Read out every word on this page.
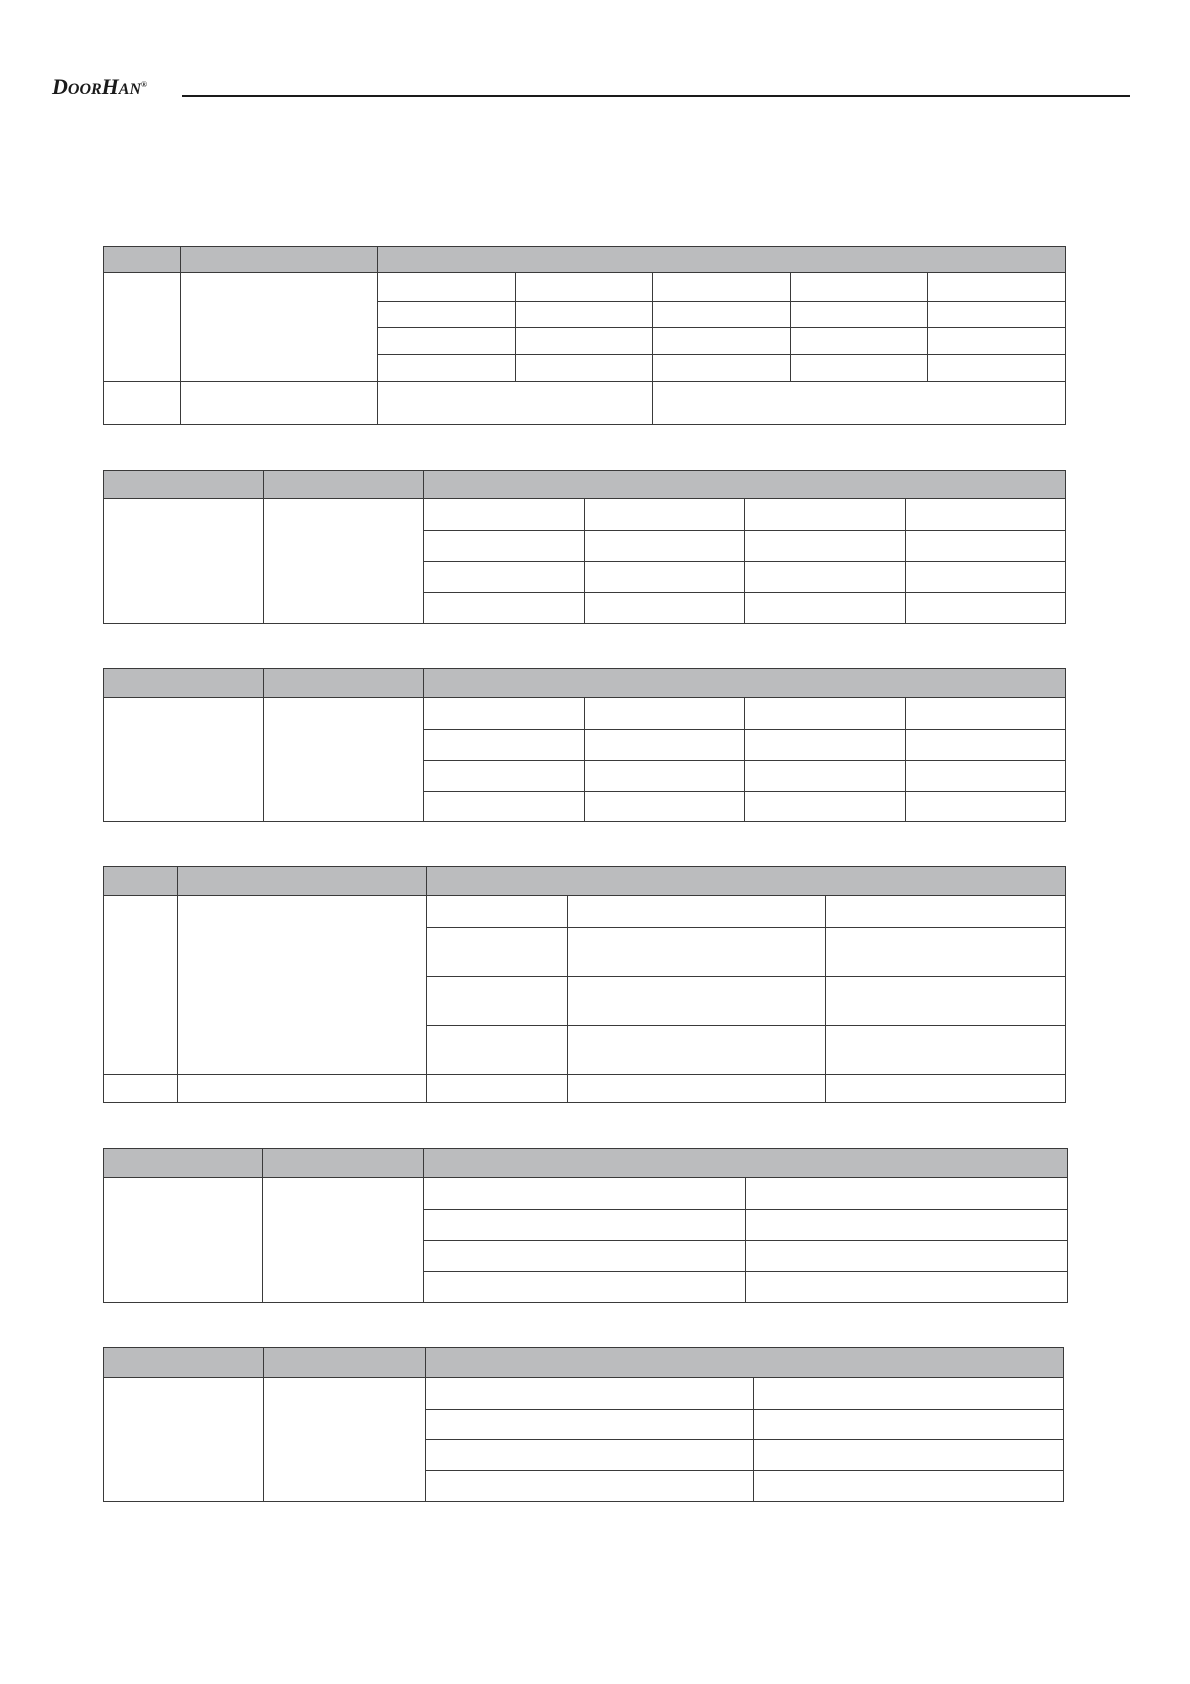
DOORHAN®
